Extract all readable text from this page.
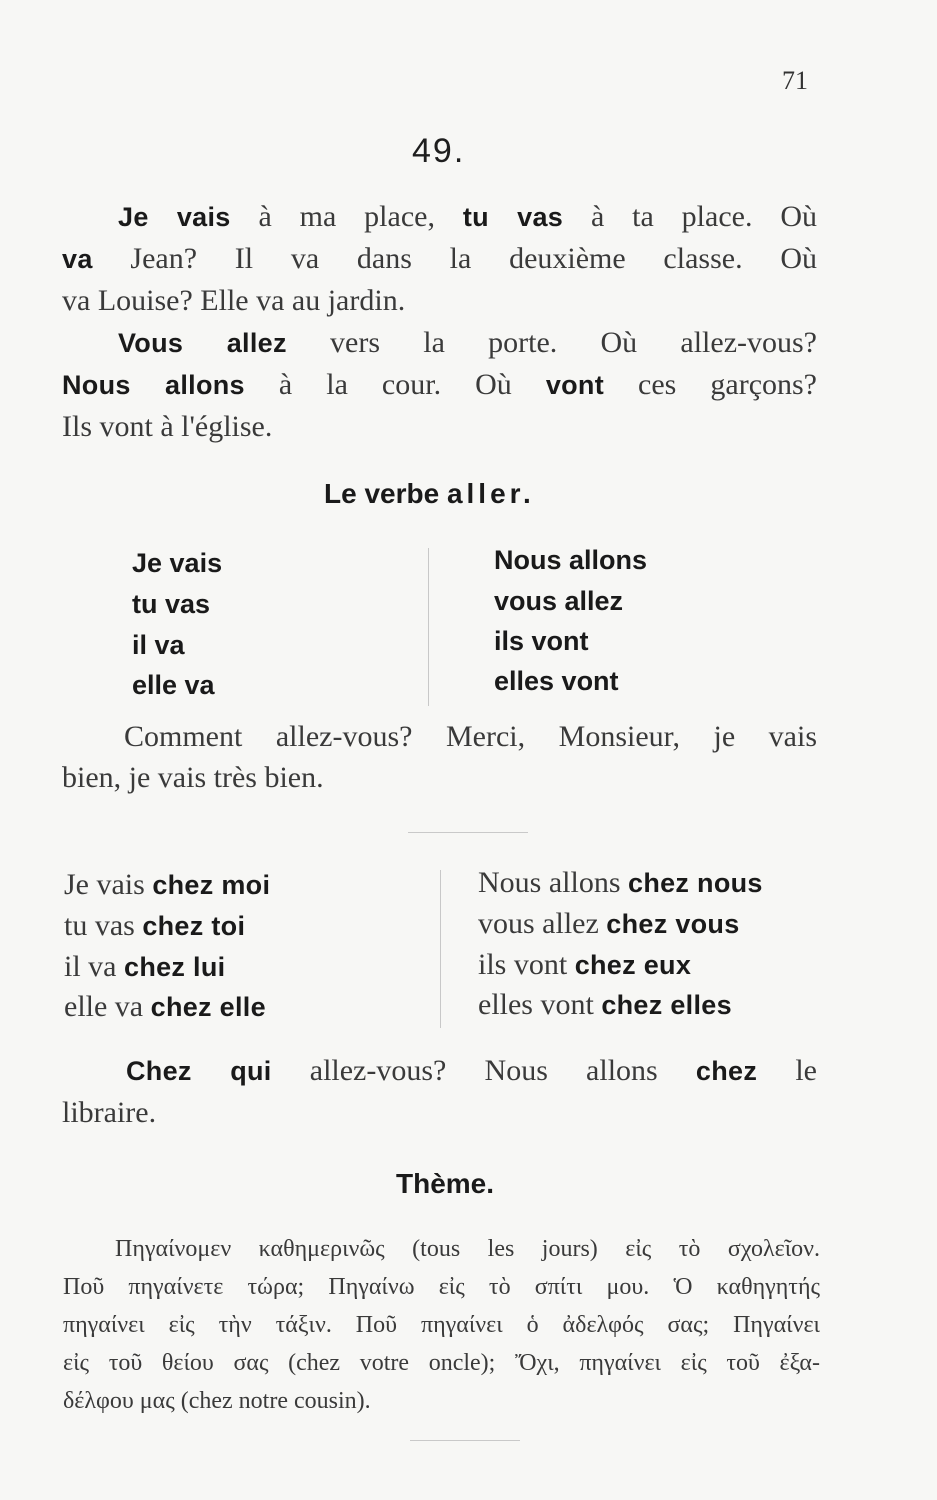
71
49.
Je vais à ma place, tu vas à ta place. Où
va Jean? Il va dans la deuxième classe. Où
va Louise? Elle va au jardin.
Vous allez vers la porte. Où allez-vous?
Nous allons à la cour. Où vont ces garçons?
Ils vont à l'église.
Le verbe aller.
Je vais
tu vas
il va
elle va
Nous allons
vous allez
ils vont
elles vont
Comment allez-vous? Merci, Monsieur, je vais
bien, je vais très bien.
Je vais chez moi
tu vas chez toi
il va chez lui
elle va chez elle
Nous allons chez nous
vous allez chez vous
ils vont chez eux
elles vont chez elles
Chez qui allez-vous? Nous allons chez le
libraire.
Thème.
Πηγαίνομεν καθημερινῶς (tous les jours) εἰς τὸ σχολεῖον.
Ποῦ πηγαίνετε τώρα; Πηγαίνω εἰς τὸ σπίτι μου. Ὁ καθηγητής
πηγαίνει εἰς τὴν τάξιν. Ποῦ πηγαίνει ὁ ἀδελφός σας; Πηγαίνει
εἰς τοῦ θείου σας (chez votre oncle); Ὄχι, πηγαίνει εἰς τοῦ ἐξα-
δέλφου μας (chez notre cousin).
